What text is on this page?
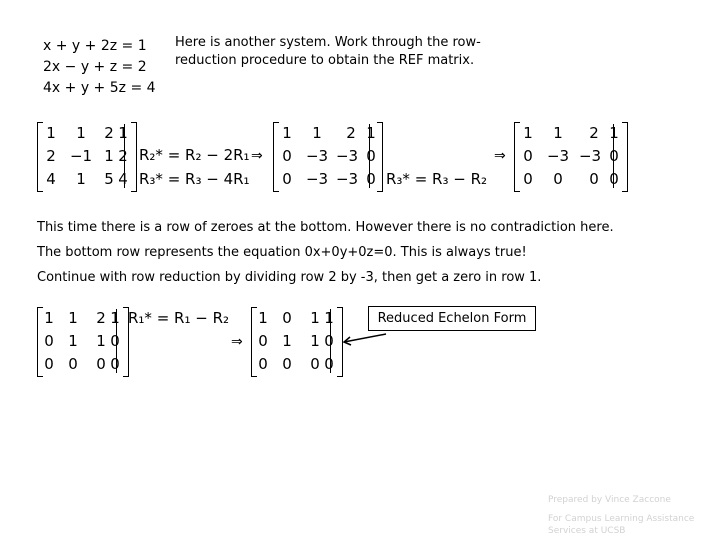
x + y + 2z = 1
2x − y + z = 2
4x + y + 5z = 4
Here is another system. Work through the row-reduction procedure to obtain the REF matrix.
1	1	2 1
2 −1 1 2
4	1	5 4
R₂* = R₂ − 2R₁
R₃* = R₃ − 4R₁
⇒
1	1	2 1
0 −3 −3 0
0 −3 −3 0 R₃* = R₃ − R₂
⇒
1	1	2 1
0 −3 −3 0
0	0	0 0
This time there is a row of zeroes at the bottom. However there is no contradiction here.
The bottom row represents the equation 0x+0y+0z=0. This is always true!
Continue with row reduction by dividing row 2 by -3, then get a zero in row 1.
1 1	2 1
0 1	1 0
0 0	0 0
R₁* = R₁ − R₂
⇒
1 0	1 1
0 1	1 0
0 0	0 0
Reduced Echelon Form
Prepared by Vince Zaccone
For Campus Learning Assistance Services at UCSB
